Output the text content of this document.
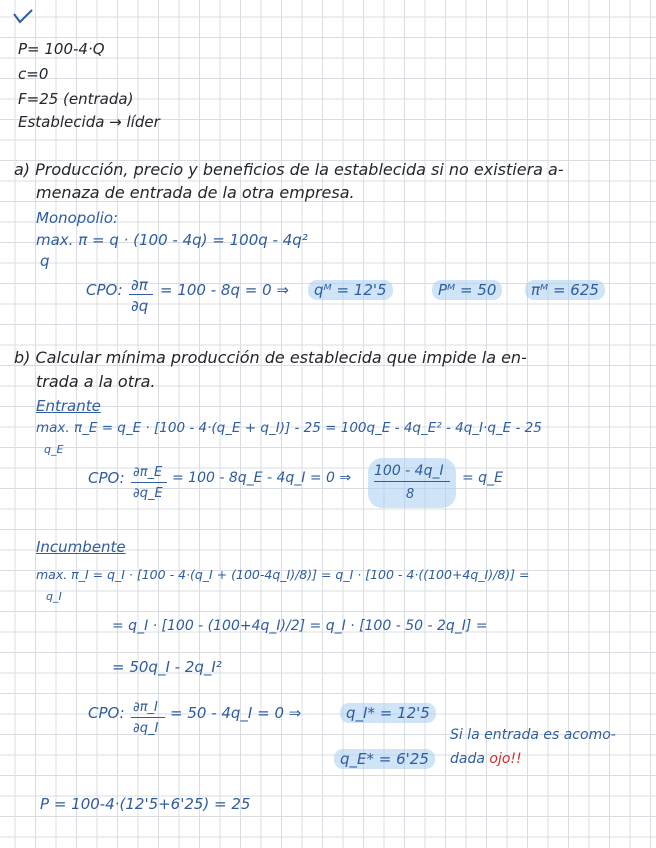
P= 100-4·Q
c=0
F=25 (entrada)
Establecida → líder
a) Producción, precio y beneficios de la establecida si no existiera a-
menaza de entrada de la otra empresa.
Monopolio:
max. π = q · (100 - 4q) = 100q - 4q²
q
CPO: ∂π
∂q
= 100 - 8q = 0 ⇒	qᴹ = 12'5	Pᴹ = 50	πᴹ = 625
b) Calcular mínima producción de establecida que impide la en-
trada a la otra.
Entrante
max. π_E = q_E · [100 - 4·(q_E + q_I)] - 25 = 100q_E - 4q_E² - 4q_I·q_E - 25
q_E
CPO: ∂π_E
∂q_E
= 100 - 8q_E - 4q_I = 0 ⇒ 100 - 4q_I
8
= q_E
Incumbente
max. π_I = q_I · [100 - 4·(q_I + (100-4q_I)/8)] = q_I · [100 - 4·((100+4q_I)/8)] =
q_I
= q_I · [100 - (100+4q_I)/2] = q_I · [100 - 50 - 2q_I] =
= 50q_I - 2q_I²
CPO: ∂π_I
∂q_I
= 50 - 4q_I = 0 ⇒	q_I* = 12'5
q_E* = 6'25
Si la entrada es acomo-
dada ojo!!
P = 100-4·(12'5+6'25) = 25
